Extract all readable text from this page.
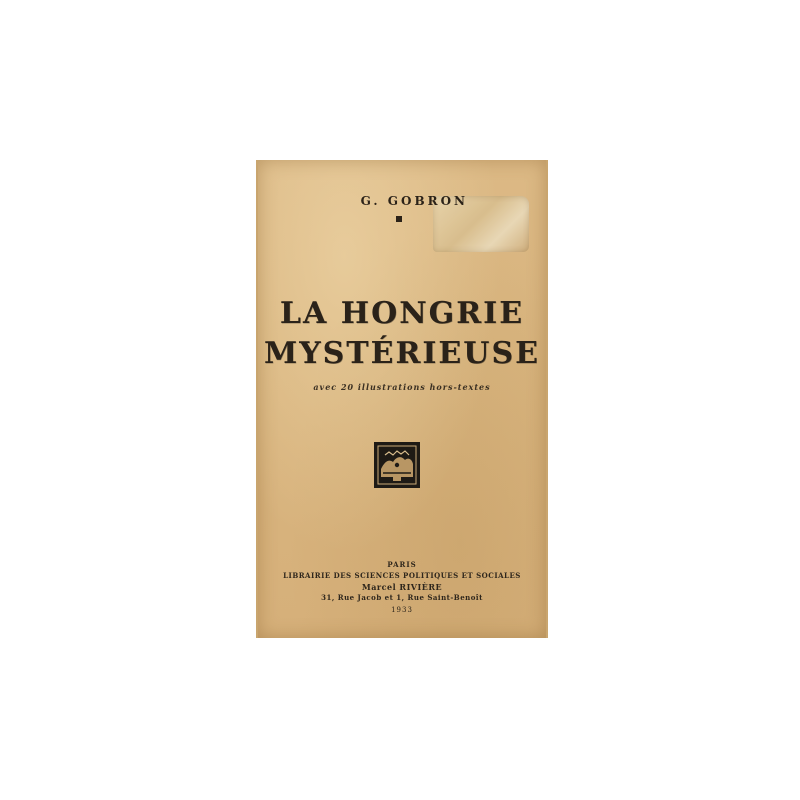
G. GOBRON
LA HONGRIE
MYSTÉRIEUSE
avec 20 illustrations hors-textes
PARIS
LIBRAIRIE DES SCIENCES POLITIQUES ET SOCIALES
Marcel RIVIÈRE
31, Rue Jacob et 1, Rue Saint-Benoît
1933
